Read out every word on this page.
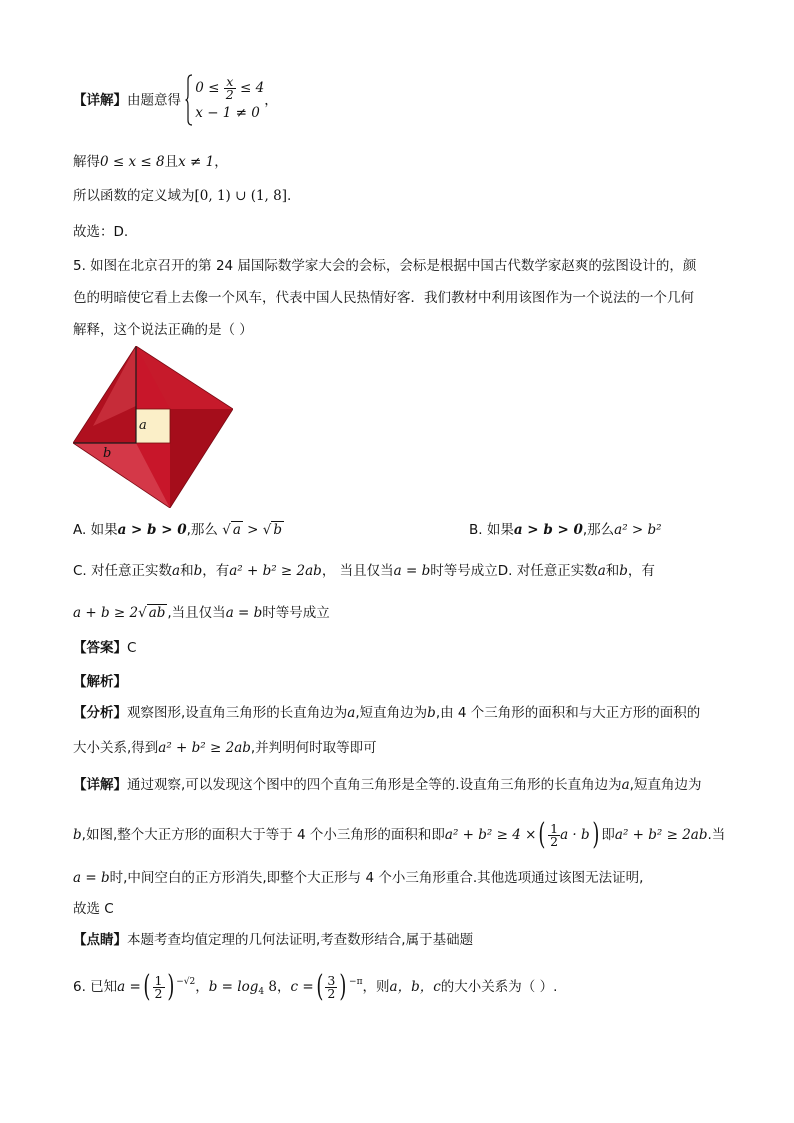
【详解】由题意得
$0 \le \frac{x}{2} \le 4$
x − 1 ≠ 0
，
解得0 ≤ x ≤ 8且x ≠ 1，
所以函数的定义域为[0, 1) ∪ (1, 8].
故选：D.
5. 如图在北京召开的第 24 届国际数学家大会的会标，会标是根据中国古代数学家赵爽的弦图设计的，颜
色的明暗使它看上去像一个风车，代表中国人民热情好客．我们教材中利用该图作为一个说法的一个几何
解释，这个说法正确的是（ ）
a
b
A. 如果a > b > 0,那么 √ a > √ b	B. 如果a > b > 0,那么a² > b²
C. 对任意正实数a和b，有a² + b² ≥ 2ab， 当且仅当a = b时等号成立D. 对任意正实数a和b，有
a + b ≥ 2√ ab ,当且仅当a = b时等号成立
【答案】C
【解析】
【分析】观察图形,设直角三角形的长直角边为a,短直角边为b,由 4 个三角形的面积和与大正方形的面积的
大小关系,得到a² + b² ≥ 2ab,并判明何时取等即可
【详解】通过观察,可以发现这个图中的四个直角三角形是全等的.设直角三角形的长直角边为a,短直角边为
b,如图,整个大正方形的面积大于等于 4 个小三角形的面积和即a² + b² ≥ 4 ×( $\frac{1}{2}$ a · b) 即a² + b² ≥ 2ab.当
a = b时,中间空白的正方形消失,即整个大正形与 4 个小三角形重合.其他选项通过该图无法证明,
故选 C
【点睛】本题考查均值定理的几何法证明,考查数形结合,属于基础题
6. 已知a =( $\frac{1}{2}$ ) $^{-√2}$，$b = \log_4 8$，c =( $\frac{3}{2}$ ) $^{-\pi}$，则a，b，c的大小关系为（ ）.
